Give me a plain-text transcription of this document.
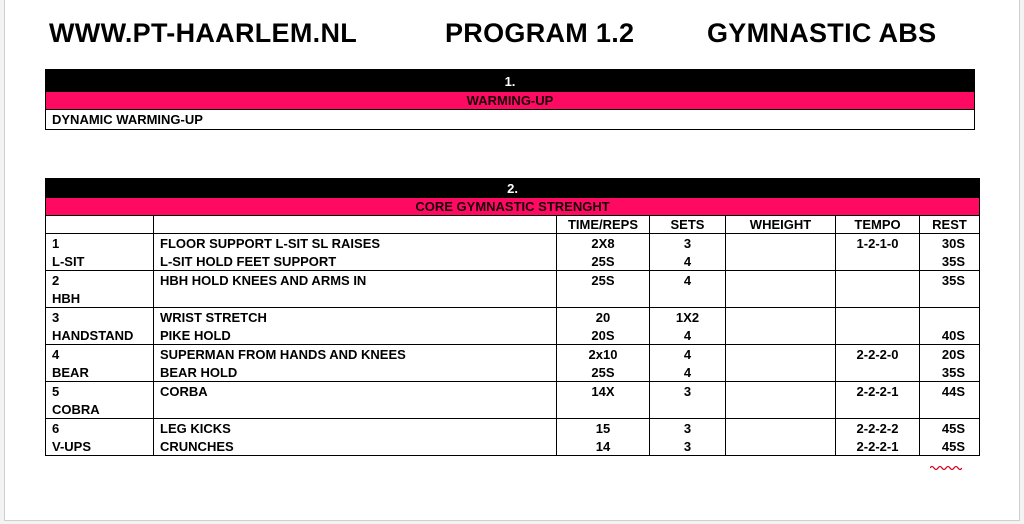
WWW.PT-HAARLEM.NL	PROGRAM 1.2	GYMNASTIC ABS
1.
WARMING-UP
DYNAMIC WARMING-UP
2.						
CORE GYMNASTIC STRENGHT						
		TIME/REPS	SETS	WHEIGHT	TEMPO	REST
1	FLOOR SUPPORT L-SIT SL RAISES	2X8	3		1-2-1-0	30S
L-SIT	L-SIT HOLD FEET SUPPORT	25S	4			35S
2	HBH HOLD KNEES AND ARMS IN	25S	4			35S
HBH						
3	WRIST STRETCH	20	1X2			
HANDSTAND	PIKE HOLD	20S	4			40S
4	SUPERMAN FROM HANDS AND KNEES	2x10	4		2-2-2-0	20S
BEAR	BEAR HOLD	25S	4			35S
5	CORBA	14X	3		2-2-2-1	44S
COBRA						
6	LEG KICKS	15	3		2-2-2-2	45S
V-UPS	CRUNCHES	14	3		2-2-2-1	45S
